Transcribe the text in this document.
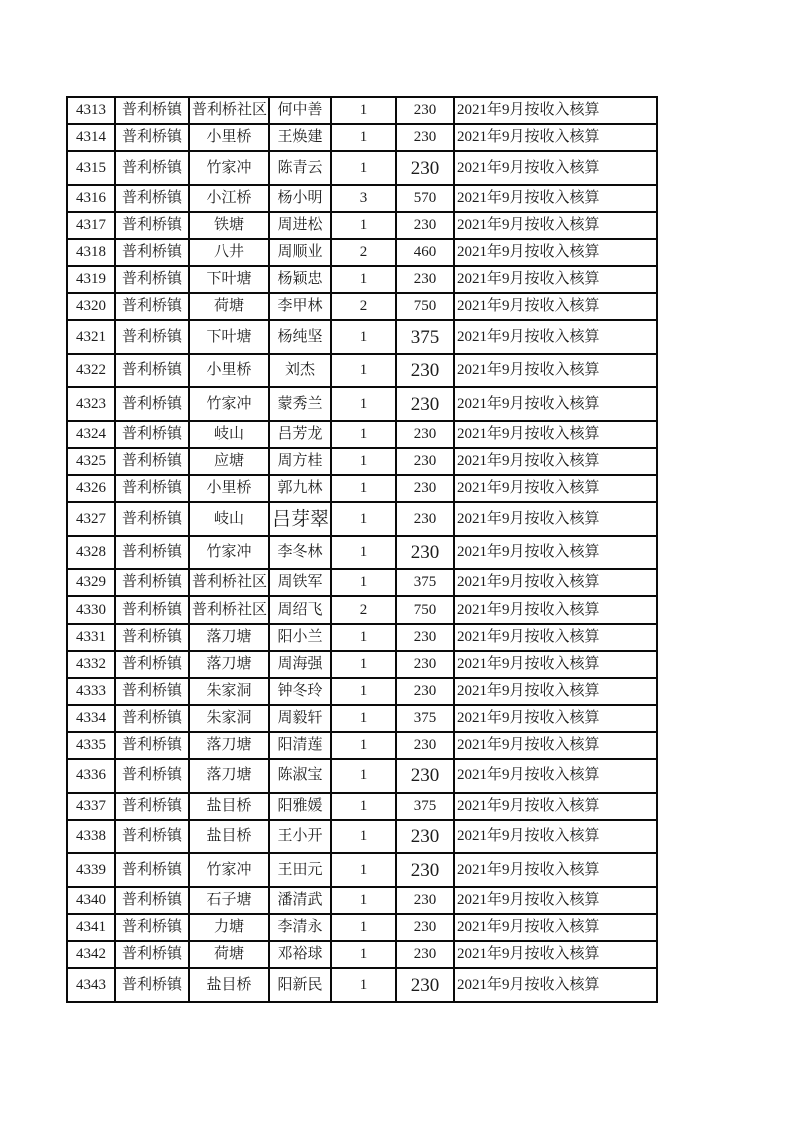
4313	普利桥镇	普利桥社区	何中善	1	230	2021年9月按收入核算
4314	普利桥镇	小里桥	王焕建	1	230	2021年9月按收入核算
4315	普利桥镇	竹家冲	陈青云	1	230	2021年9月按收入核算
4316	普利桥镇	小江桥	杨小明	3	570	2021年9月按收入核算
4317	普利桥镇	铁塘	周进松	1	230	2021年9月按收入核算
4318	普利桥镇	八井	周顺业	2	460	2021年9月按收入核算
4319	普利桥镇	下叶塘	杨颖忠	1	230	2021年9月按收入核算
4320	普利桥镇	荷塘	李甲林	2	750	2021年9月按收入核算
4321	普利桥镇	下叶塘	杨纯坚	1	375	2021年9月按收入核算
4322	普利桥镇	小里桥	刘杰	1	230	2021年9月按收入核算
4323	普利桥镇	竹家冲	蒙秀兰	1	230	2021年9月按收入核算
4324	普利桥镇	岐山	吕芳龙	1	230	2021年9月按收入核算
4325	普利桥镇	应塘	周方桂	1	230	2021年9月按收入核算
4326	普利桥镇	小里桥	郭九林	1	230	2021年9月按收入核算
4327	普利桥镇	岐山	吕芽翠	1	230	2021年9月按收入核算
4328	普利桥镇	竹家冲	李冬林	1	230	2021年9月按收入核算
4329	普利桥镇	普利桥社区	周铁军	1	375	2021年9月按收入核算
4330	普利桥镇	普利桥社区	周绍飞	2	750	2021年9月按收入核算
4331	普利桥镇	落刀塘	阳小兰	1	230	2021年9月按收入核算
4332	普利桥镇	落刀塘	周海强	1	230	2021年9月按收入核算
4333	普利桥镇	朱家洞	钟冬玲	1	230	2021年9月按收入核算
4334	普利桥镇	朱家洞	周毅轩	1	375	2021年9月按收入核算
4335	普利桥镇	落刀塘	阳清莲	1	230	2021年9月按收入核算
4336	普利桥镇	落刀塘	陈淑宝	1	230	2021年9月按收入核算
4337	普利桥镇	盐目桥	阳雅媛	1	375	2021年9月按收入核算
4338	普利桥镇	盐目桥	王小开	1	230	2021年9月按收入核算
4339	普利桥镇	竹家冲	王田元	1	230	2021年9月按收入核算
4340	普利桥镇	石子塘	潘清武	1	230	2021年9月按收入核算
4341	普利桥镇	力塘	李清永	1	230	2021年9月按收入核算
4342	普利桥镇	荷塘	邓裕球	1	230	2021年9月按收入核算
4343	普利桥镇	盐目桥	阳新民	1	230	2021年9月按收入核算
